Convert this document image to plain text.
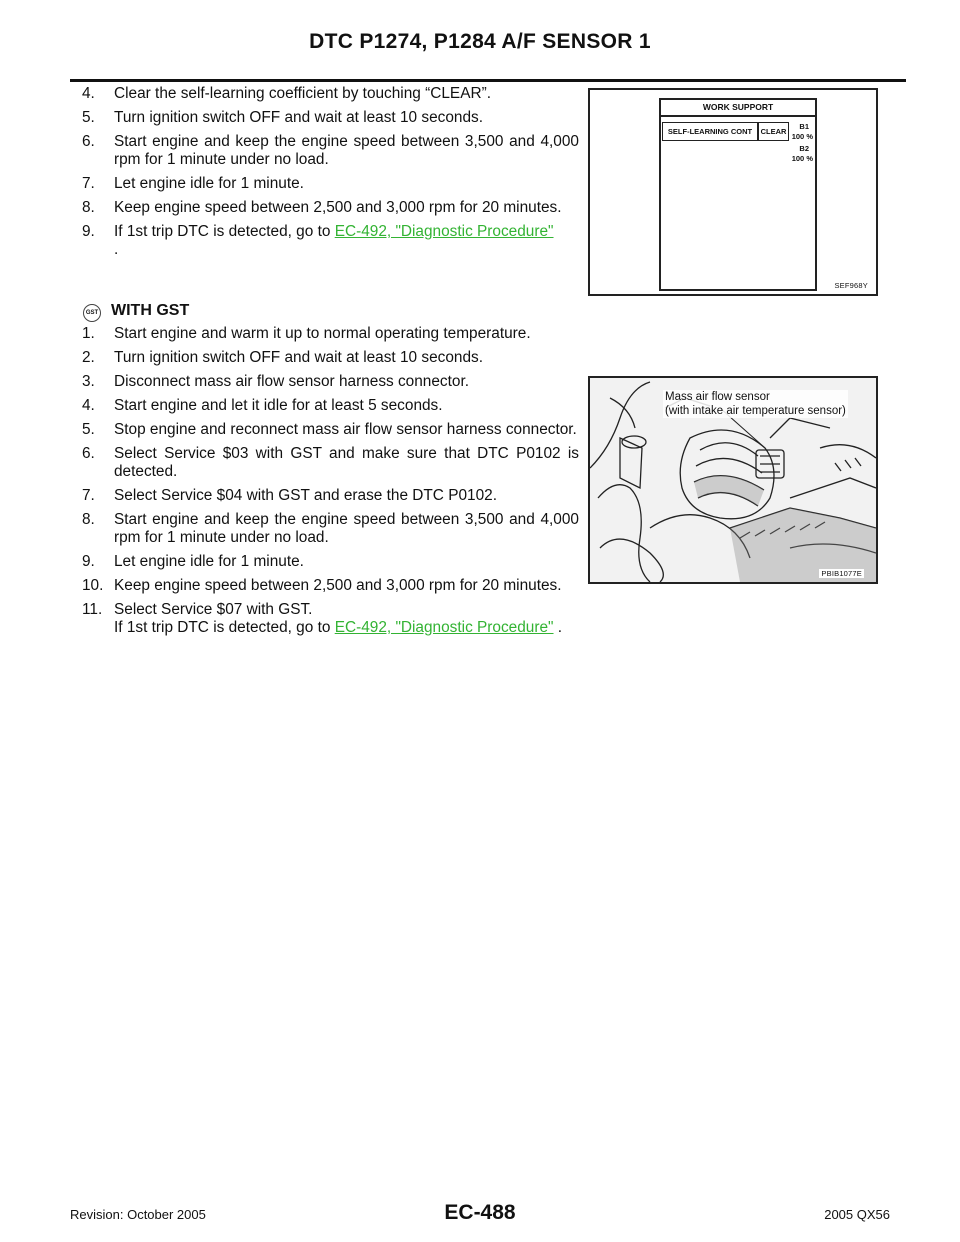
DTC P1274, P1284 A/F SENSOR 1

4. Clear the self-learning coefficient by touching “CLEAR”.

5. Turn ignition switch OFF and wait at least 10 seconds.

6. Start engine and keep the engine speed between 3,500 and 4,000 rpm for 1 minute under no load.

7. Let engine idle for 1 minute.

8. Keep engine speed between 2,500 and 3,000 rpm for 20 minutes.

9. If 1st trip DTC is detected, go to EC-492, "Diagnostic Procedure"
.

WORK SUPPORT
SELF-LEARNING CONT	CLEAR
B1
100 %
B2
100 %
SEF968Y
GST WITH GST

1. Start engine and warm it up to normal operating temperature.

2. Turn ignition switch OFF and wait at least 10 seconds.

3. Disconnect mass air flow sensor harness connector.

4. Start engine and let it idle for at least 5 seconds.

5. Stop engine and reconnect mass air flow sensor harness connector.

6. Select Service $03 with GST and make sure that DTC P0102 is detected.

7. Select Service $04 with GST and erase the DTC P0102.

8. Start engine and keep the engine speed between 3,500 and 4,000 rpm for 1 minute under no load.

9. Let engine idle for 1 minute.

10. Keep engine speed between 2,500 and 3,000 rpm for 20 minutes.

11. Select Service $07 with GST.
If 1st trip DTC is detected, go to EC-492, "Diagnostic Procedure" .

Mass air flow sensor
(with intake air temperature sensor)
PBIB1077E
Revision: October 2005	EC-488	2005 QX56
